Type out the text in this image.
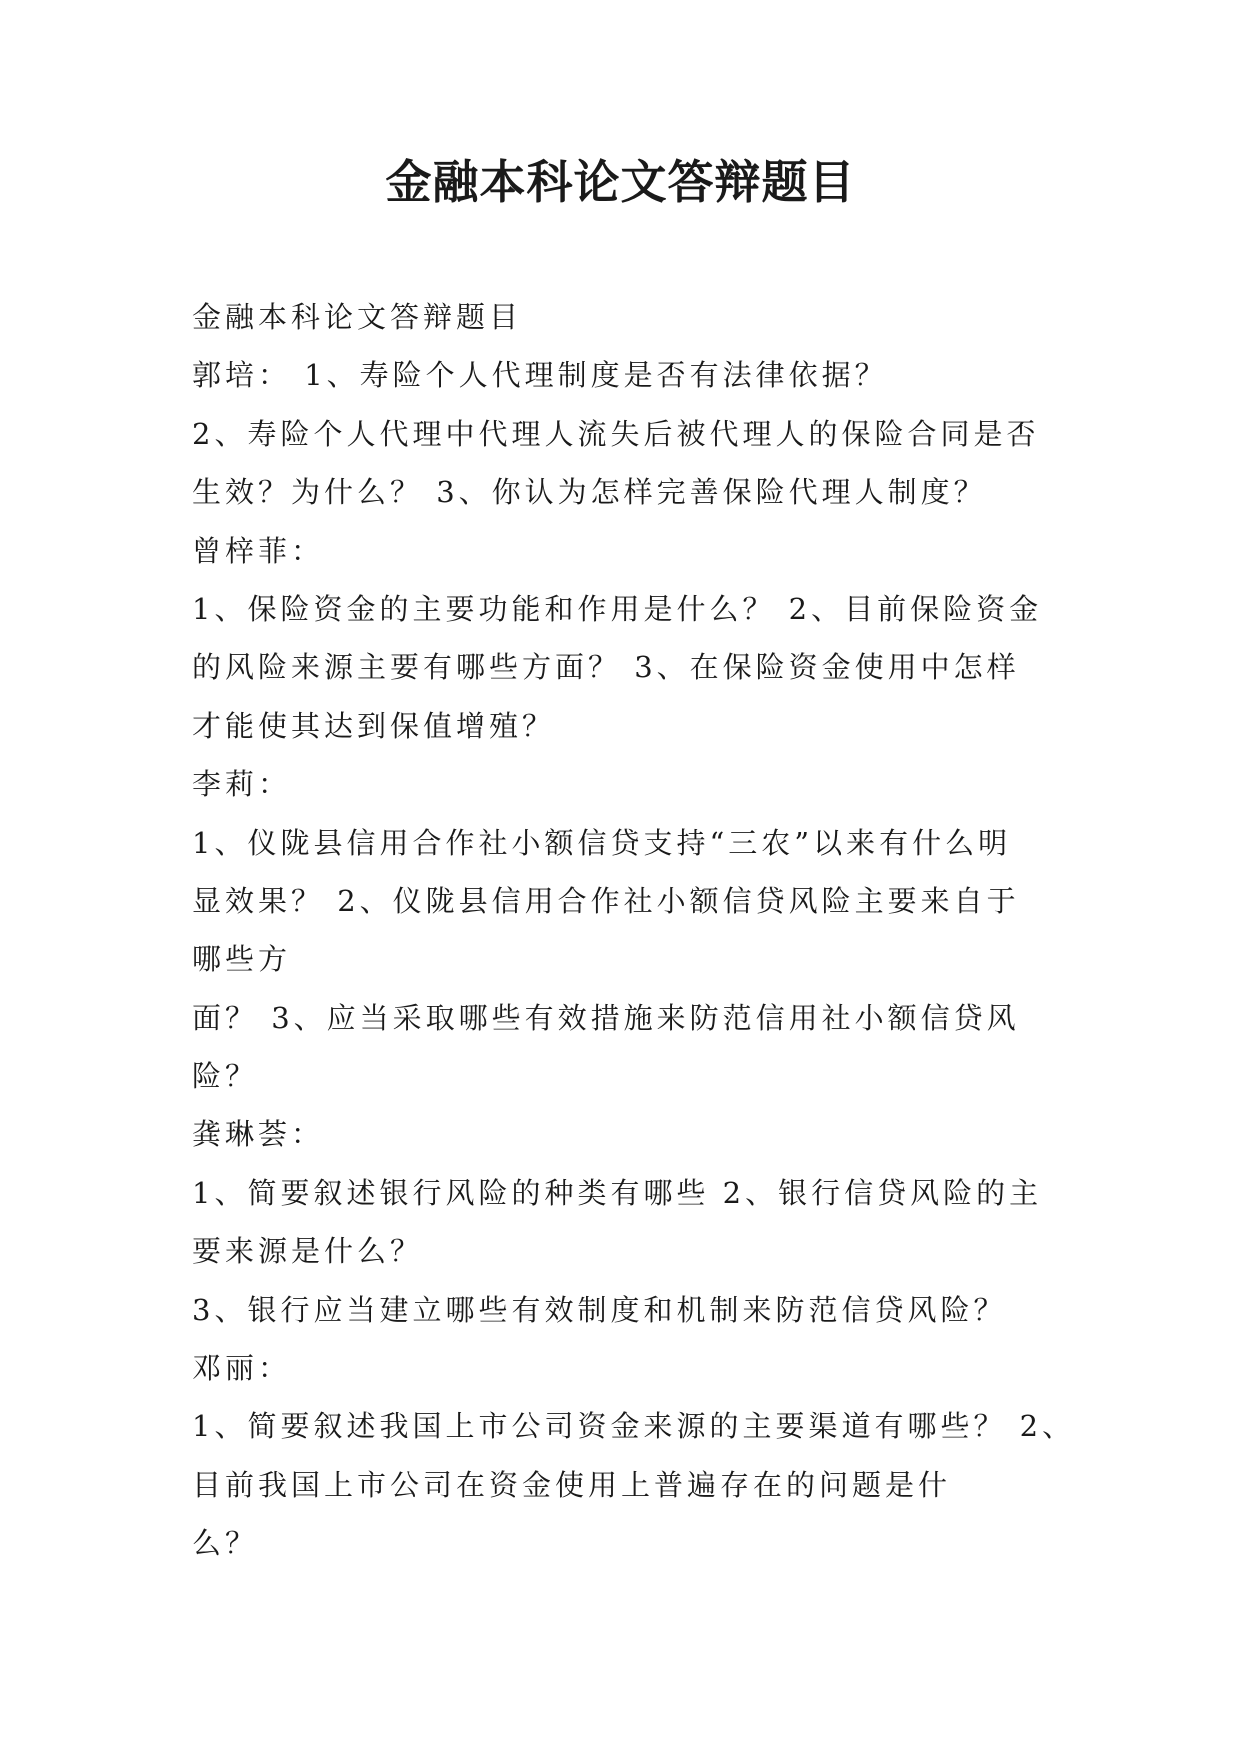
金融本科论文答辩题目
金融本科论文答辩题目
郭培： 1、寿险个人代理制度是否有法律依据？
2、寿险个人代理中代理人流失后被代理人的保险合同是否
生效？为什么？ 3、你认为怎样完善保险代理人制度？
曾梓菲：
1、保险资金的主要功能和作用是什么？ 2、目前保险资金
的风险来源主要有哪些方面？ 3、在保险资金使用中怎样
才能使其达到保值增殖？
李莉：
1、仪陇县信用合作社小额信贷支持“三农”以来有什么明
显效果？ 2、仪陇县信用合作社小额信贷风险主要来自于
哪些方
面？ 3、应当采取哪些有效措施来防范信用社小额信贷风
险？
龚琳荟：
1、简要叙述银行风险的种类有哪些 2、银行信贷风险的主
要来源是什么？
3、银行应当建立哪些有效制度和机制来防范信贷风险？
邓丽：
1、简要叙述我国上市公司资金来源的主要渠道有哪些？ 2、
目前我国上市公司在资金使用上普遍存在的问题是什
么？
